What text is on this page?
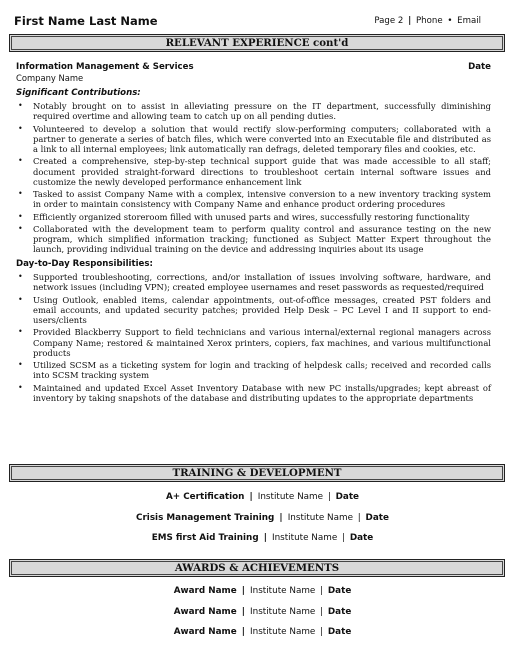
First Name Last Name	Page 2 | Phone • Email
RELEVANT EXPERIENCE cont'd
Information Management & Services	Date
Company Name
Significant Contributions:
• Notably brought on to assist in alleviating pressure on the IT department, successfully diminishing required overtime and allowing team to catch up on all pending duties.
• Volunteered to develop a solution that would rectify slow-performing computers; collaborated with a partner to generate a series of batch files, which were converted into an Executable file and distributed as a link to all internal employees; link automatically ran defrags, deleted temporary files and cookies, etc.
• Created a comprehensive, step-by-step technical support guide that was made accessible to all staff; document provided straight-forward directions to troubleshoot certain internal software issues and customize the newly developed performance enhancement link
• Tasked to assist Company Name with a complex, intensive conversion to a new inventory tracking system in order to maintain consistency with Company Name and enhance product ordering procedures
• Efficiently organized storeroom filled with unused parts and wires, successfully restoring functionality
• Collaborated with the development team to perform quality control and assurance testing on the new program, which simplified information tracking; functioned as Subject Matter Expert throughout the launch, providing individual training on the device and addressing inquiries about its usage
Day-to-Day Responsibilities:
• Supported troubleshooting, corrections, and/or installation of issues involving software, hardware, and network issues (including VPN); created employee usernames and reset passwords as requested/required
• Using Outlook, enabled items, calendar appointments, out-of-office messages, created PST folders and email accounts, and updated security patches; provided Help Desk – PC Level I and II support to end-users/clients
• Provided Blackberry Support to field technicians and various internal/external regional managers across Company Name; restored & maintained Xerox printers, copiers, fax machines, and various multifunctional products
• Utilized SCSM as a ticketing system for login and tracking of helpdesk calls; received and recorded calls into SCSM tracking system
• Maintained and updated Excel Asset Inventory Database with new PC installs/upgrades; kept abreast of inventory by taking snapshots of the database and distributing updates to the appropriate departments
TRAINING & DEVELOPMENT
A+ Certification | Institute Name | Date
Crisis Management Training | Institute Name | Date
EMS first Aid Training | Institute Name | Date
AWARDS & ACHIEVEMENTS
Award Name | Institute Name | Date
Award Name | Institute Name | Date
Award Name | Institute Name | Date
